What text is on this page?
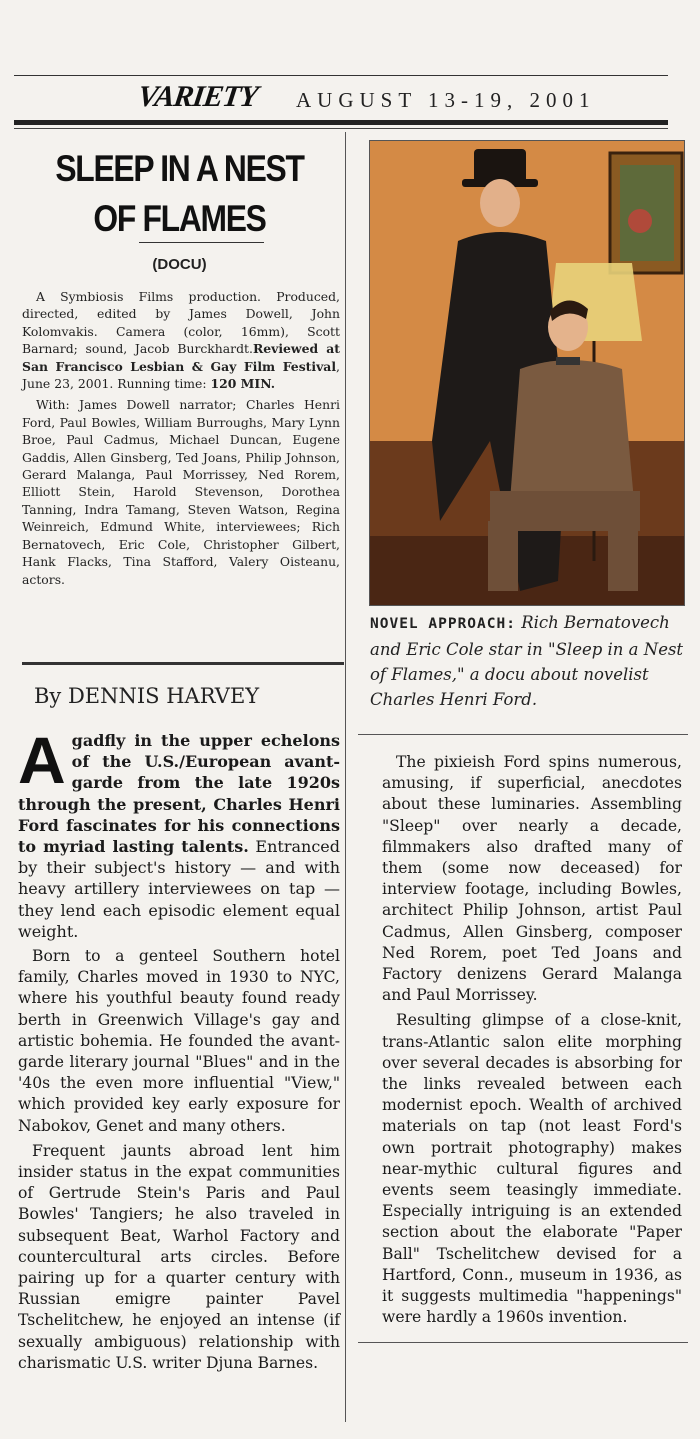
VARIETY AUGUST 13-19, 2001
SLEEP IN A NEST
OF FLAMES
(DOCU)

A Symbiosis Films production. Produced, directed, edited by James Dowell, John Kolomvakis. Camera (color, 16mm), Scott Barnard; sound, Jacob Burckhardt.Reviewed at San Francisco Lesbian & Gay Film Festival, June 23, 2001. Running time: 120 MIN.

With: James Dowell narrator; Charles Henri Ford, Paul Bowles, William Burroughs, Mary Lynn Broe, Paul Cadmus, Michael Duncan, Eugene Gaddis, Allen Ginsberg, Ted Joans, Philip Johnson, Gerard Malanga, Paul Morrissey, Ned Rorem, Elliott Stein, Harold Stevenson, Dorothea Tanning, Indra Tamang, Steven Watson, Regina Weinreich, Edmund White, interviewees; Rich Bernatovech, Eric Cole, Christopher Gilbert, Hank Flacks, Tina Stafford, Valery Oisteanu, actors.

By DENNIS HARVEY

Agadfly in the upper echelons of the U.S./European avant-garde from the late 1920s through the present, Charles Henri Ford fascinates for his connections to myriad lasting talents. Entranced by their subject's history — and with heavy artillery interviewees on tap — they lend each episodic element equal weight.

Born to a genteel Southern hotel family, Charles moved in 1930 to NYC, where his youthful beauty found ready berth in Greenwich Village's gay and artistic bohemia. He founded the avant-garde literary journal "Blues" and in the '40s the even more influential "View," which provided key early exposure for Nabokov, Genet and many others.

Frequent jaunts abroad lent him insider status in the expat communities of Gertrude Stein's Paris and Paul Bowles' Tangiers; he also traveled in subsequent Beat, Warhol Factory and countercultural arts circles. Before pairing up for a quarter century with Russian emigre painter Pavel Tschelitchew, he enjoyed an intense (if sexually ambiguous) relationship with charismatic U.S. writer Djuna Barnes.

NOVEL APPROACH: Rich Bernatovech and Eric Cole star in "Sleep in a Nest of Flames," a docu about novelist Charles Henri Ford.

The pixieish Ford spins numerous, amusing, if superficial, anecdotes about these luminaries. Assembling "Sleep" over nearly a decade, filmmakers also drafted many of them (some now deceased) for interview footage, including Bowles, architect Philip Johnson, artist Paul Cadmus, Allen Ginsberg, composer Ned Rorem, poet Ted Joans and Factory denizens Gerard Malanga and Paul Morrissey.

Resulting glimpse of a close-knit, trans-Atlantic salon elite morphing over several decades is absorbing for the links revealed between each modernist epoch. Wealth of archived materials on tap (not least Ford's own portrait photography) makes near-mythic cultural figures and events seem teasingly immediate. Especially intriguing is an extended section about the elaborate "Paper Ball" Tschelitchew devised for a Hartford, Conn., museum in 1936, as it suggests multimedia "happenings" were hardly a 1960s invention.
